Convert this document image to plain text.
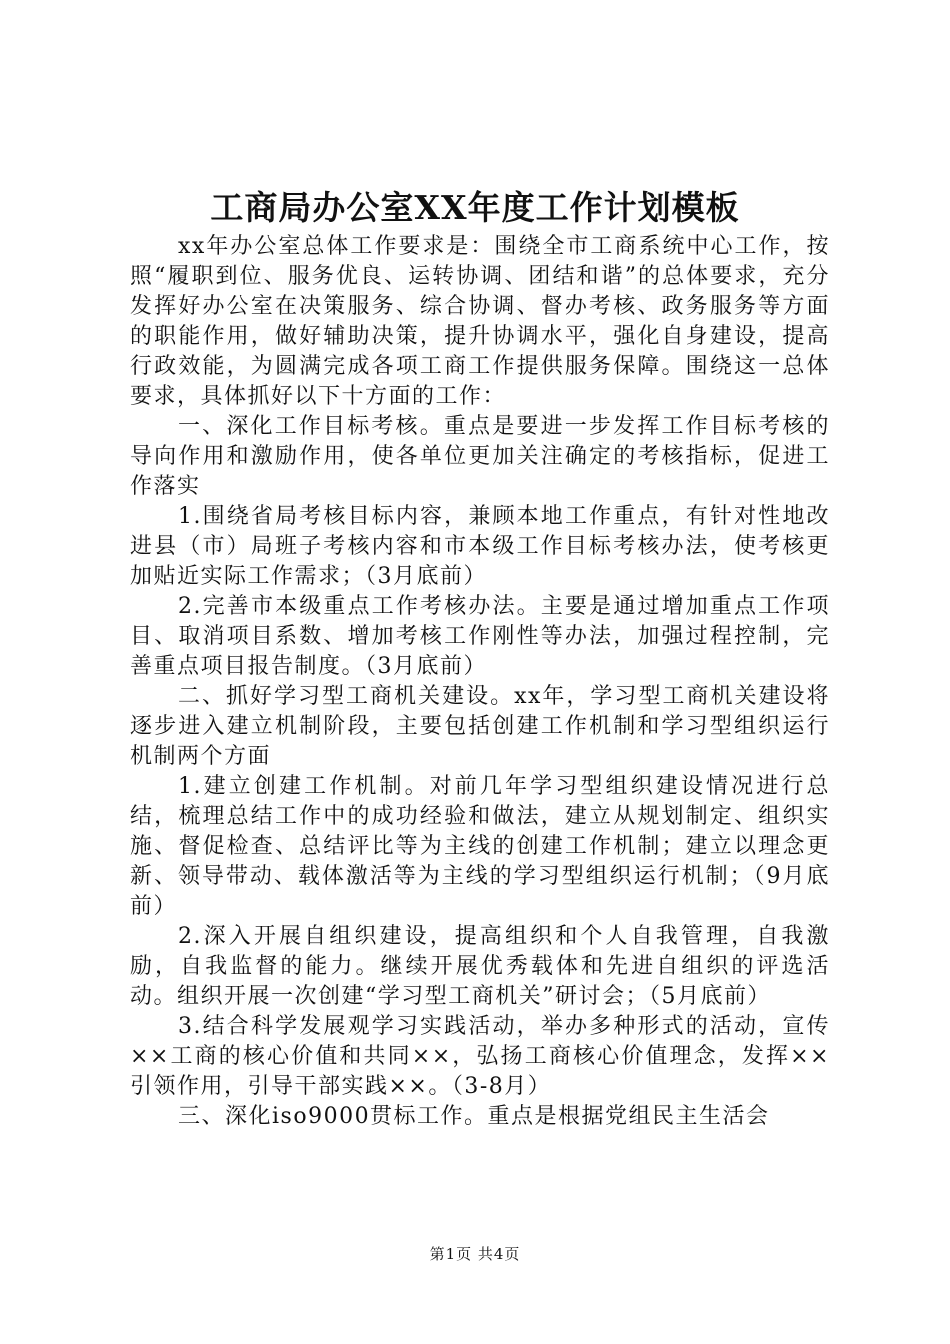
工商局办公室XX年度工作计划模板

xx年办公室总体工作要求是：围绕全市工商系统中心工作，按照“履职到位、服务优良、运转协调、团结和谐”的总体要求，充分发挥好办公室在决策服务、综合协调、督办考核、政务服务等方面的职能作用，做好辅助决策，提升协调水平，强化自身建设，提高行政效能，为圆满完成各项工商工作提供服务保障。围绕这一总体要求，具体抓好以下十方面的工作：

一、深化工作目标考核。重点是要进一步发挥工作目标考核的导向作用和激励作用，使各单位更加关注确定的考核指标，促进工作落实

1.围绕省局考核目标内容，兼顾本地工作重点，有针对性地改进县（市）局班子考核内容和市本级工作目标考核办法，使考核更加贴近实际工作需求；（3月底前）

2.完善市本级重点工作考核办法。主要是通过增加重点工作项目、取消项目系数、增加考核工作刚性等办法，加强过程控制，完善重点项目报告制度。（3月底前）

二、抓好学习型工商机关建设。xx年，学习型工商机关建设将逐步进入建立机制阶段，主要包括创建工作机制和学习型组织运行机制两个方面

1.建立创建工作机制。对前几年学习型组织建设情况进行总结，梳理总结工作中的成功经验和做法，建立从规划制定、组织实施、督促检查、总结评比等为主线的创建工作机制；建立以理念更新、领导带动、载体激活等为主线的学习型组织运行机制；（9月底前）

2.深入开展自组织建设，提高组织和个人自我管理，自我激励，自我监督的能力。继续开展优秀载体和先进自组织的评选活动。组织开展一次创建“学习型工商机关”研讨会；（5月底前）

3.结合科学发展观学习实践活动，举办多种形式的活动，宣传××工商的核心价值和共同××，弘扬工商核心价值理念，发挥××引领作用，引导干部实践××。（3-8月）

三、深化iso9000贯标工作。重点是根据党组民主生活会

第1页 共4页
